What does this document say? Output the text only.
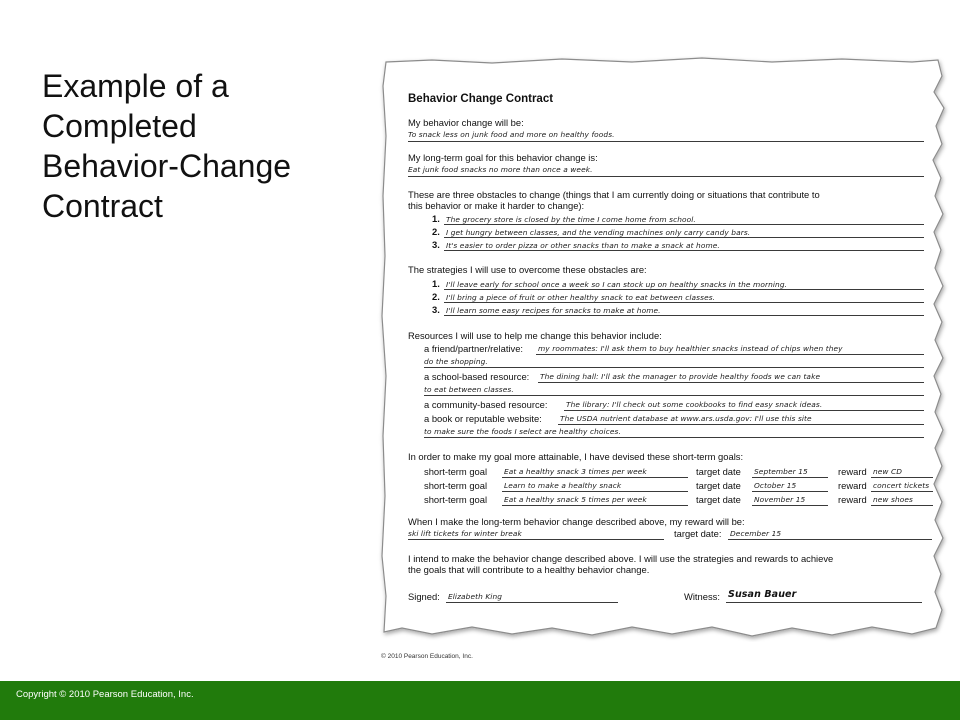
Example of a
Completed
Behavior-Change
Contract
Behavior Change Contract
My behavior change will be:
To snack less on junk food and more on healthy foods.
My long-term goal for this behavior change is:
Eat junk food snacks no more than once a week.
These are three obstacles to change (things that I am currently doing or situations that contribute to
this behavior or make it harder to change):
1. The grocery store is closed by the time I come home from school.
2. I get hungry between classes, and the vending machines only carry candy bars.
3. It's easier to order pizza or other snacks than to make a snack at home.
The strategies I will use to overcome these obstacles are:
1. I'll leave early for school once a week so I can stock up on healthy snacks in the morning.
2. I'll bring a piece of fruit or other healthy snack to eat between classes.
3. I'll learn some easy recipes for snacks to make at home.
Resources I will use to help me change this behavior include:
a friend/partner/relative: my roommates: I'll ask them to buy healthier snacks instead of chips when they
do the shopping.
a school-based resource: The dining hall: I'll ask the manager to provide healthy foods we can take
to eat between classes.
a community-based resource:	The library: I'll check out some cookbooks to find easy snack ideas.
a book or reputable website: The USDA nutrient database at www.ars.usda.gov: I'll use this site
to make sure the foods I select are healthy choices.
In order to make my goal more attainable, I have devised these short-term goals:
short-term goal Eat a healthy snack 3 times per week	target date September 15	reward new CD
short-term goal Learn to make a healthy snack	target date October 15	reward concert tickets
short-term goal Eat a healthy snack 5 times per week	target date November 15	reward new shoes
When I make the long-term behavior change described above, my reward will be:
ski lift tickets for winter break	target date: December 15
I intend to make the behavior change described above. I will use the strategies and rewards to achieve
the goals that will contribute to a healthy behavior change.
Signed: Elizabeth King	Witness: Susan Bauer
© 2010 Pearson Education, Inc.
Copyright © 2010 Pearson Education, Inc.
